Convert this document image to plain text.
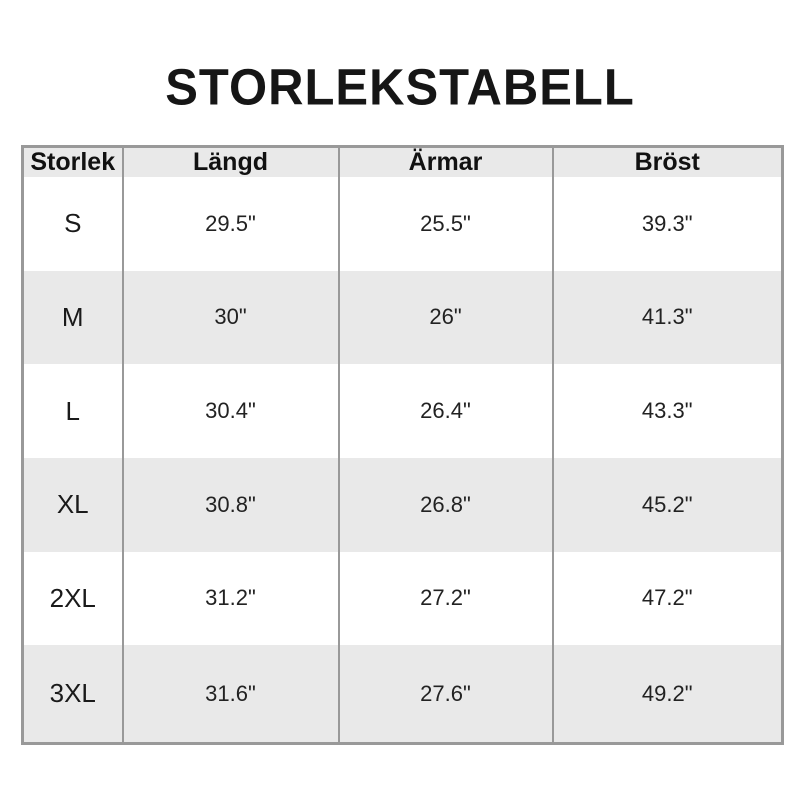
STORLEKSTABELL
Storlek	Längd	Ärmar	Bröst
S	29.5"	25.5"	39.3"
M	30"	26"	41.3"
L	30.4"	26.4"	43.3"
XL	30.8"	26.8"	45.2"
2XL	31.2"	27.2"	47.2"
3XL	31.6"	27.6"	49.2"
